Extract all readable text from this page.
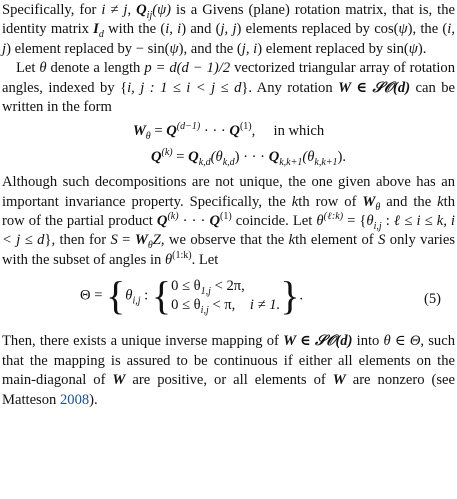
Specifically, for i ≠ j, $Q_{ij}(\psi)$ is a Givens (plane) rotation matrix, that is, the identity matrix $I_d$ with the (i, i) and (j, j) elements replaced by cos(ψ), the (i, j) element replaced by − sin(ψ), and the (j, i) element replaced by sin(ψ).

Let θ denote a length p = d(d − 1)/2 vectorized triangular array of rotation angles, indexed by {i, j : 1 ≤ i < j ≤ d}. Any rotation W ∈ 𝒮𝒪(d) can be written in the form

$W_\theta = Q^{(d-1)}$ · · · $Q^{(1)}$,     in which
$Q^{(k)} = Q_{k,d}(\theta_{k,d})$ · · · $Q_{k,k+1}(\theta_{k,k+1})$.

Although such decompositions are not unique, the one given above has an important invariance property. Specifically, the kth row of $W_\theta$ and the kth row of the partial product $Q^{(k)}$ · · · $Q^{(1)}$ coincide. Let $\theta^{(\ell:k)} = \{\theta_{i,j}$ : ℓ ≤ i ≤ k, i < j ≤ d}, then for $S = W_\theta Z$, we observe that the kth element of S only varies with the subset of angles in $\theta^{(1:k)}$. Let

$\Theta = \{\theta_{i,j}$ : {$0 \le \theta_{1,j} < 2\pi$,
$0 \le \theta_{i,j} < \pi$, i ≠ 1.}.	(5)

Then, there exists a unique inverse mapping of W ∈ 𝒮𝒪(d) into θ ∈ Θ, such that the mapping is assured to be continuous if either all elements on the main-diagonal of W are positive, or all elements of W are nonzero (see Matteson 2008).
